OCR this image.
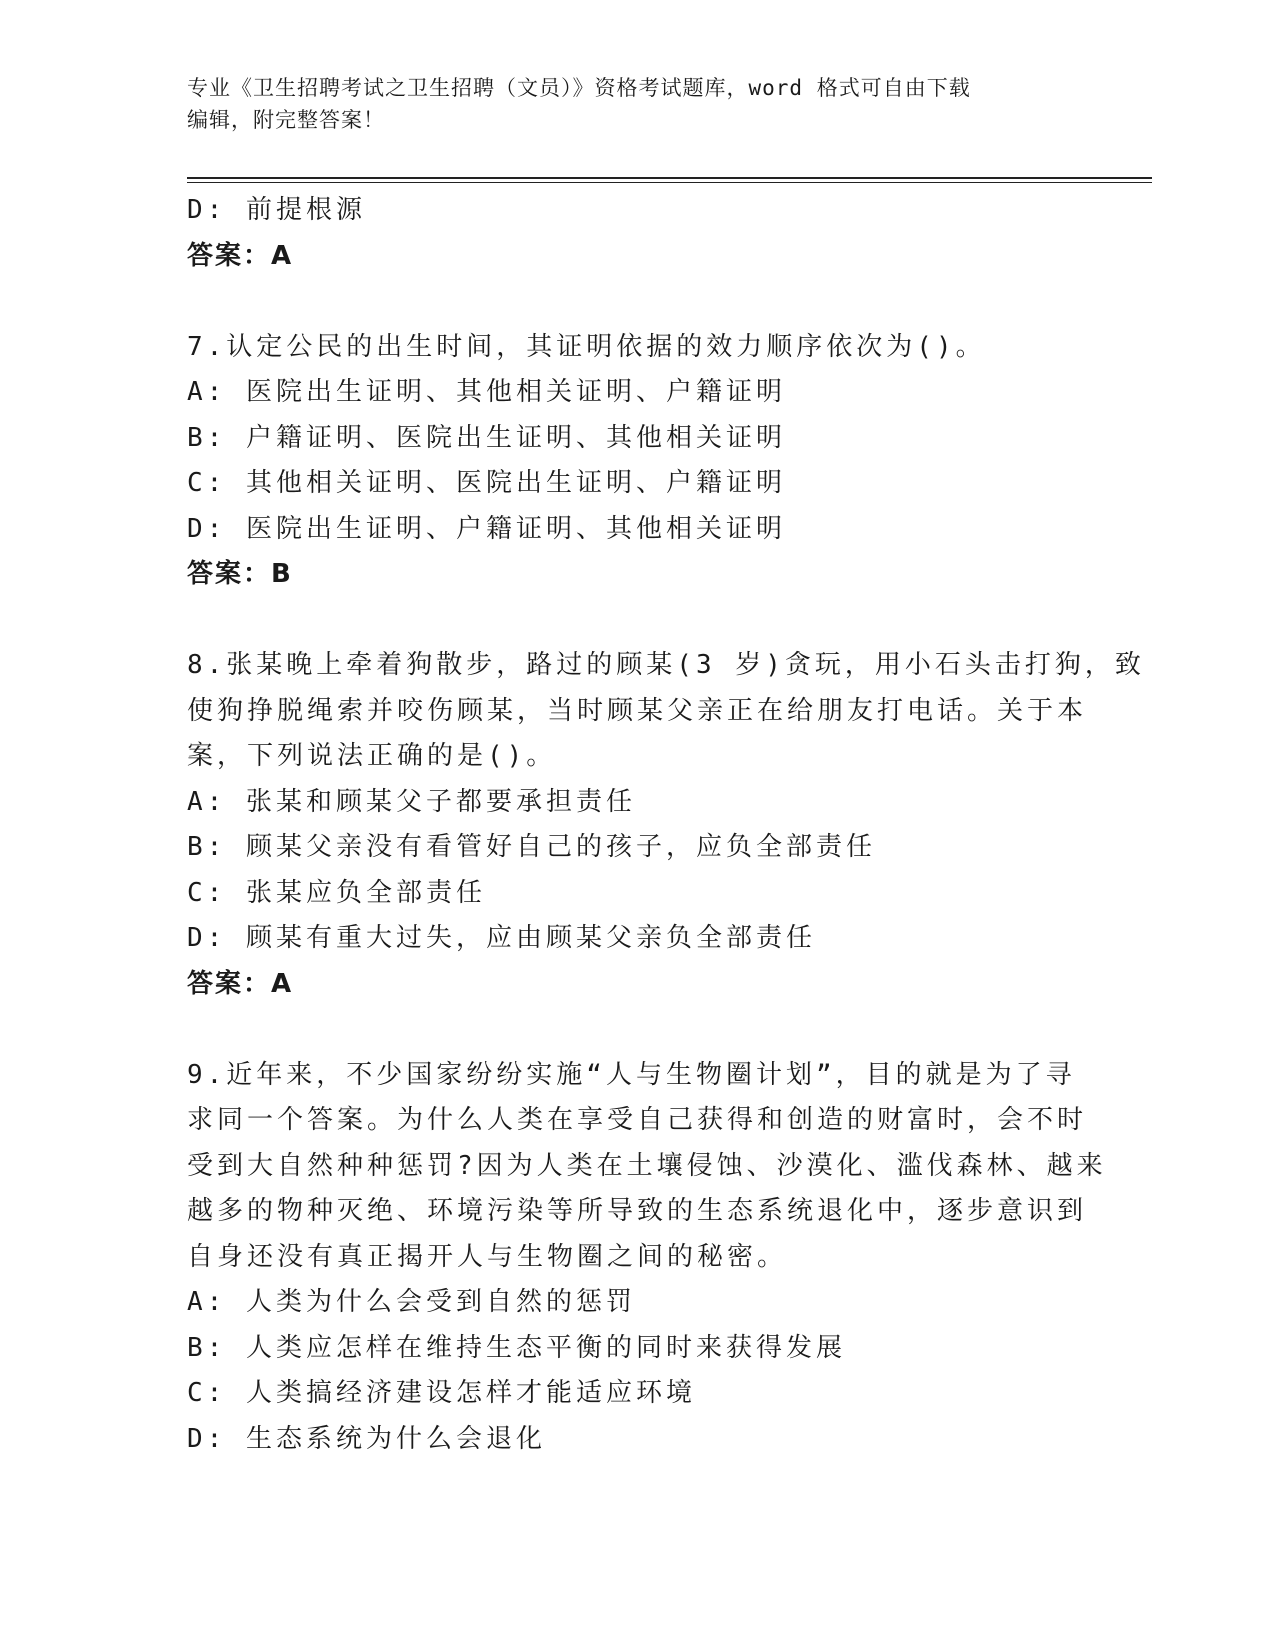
专业《卫生招聘考试之卫生招聘（文员）》资格考试题库，word 格式可自由下载
编辑，附完整答案！
D: 前提根源
答案：A
7.认定公民的出生时间，其证明依据的效力顺序依次为()。
A: 医院出生证明、其他相关证明、户籍证明
B: 户籍证明、医院出生证明、其他相关证明
C: 其他相关证明、医院出生证明、户籍证明
D: 医院出生证明、户籍证明、其他相关证明
答案：B
8.张某晚上牵着狗散步，路过的顾某(3 岁)贪玩，用小石头击打狗，致
使狗挣脱绳索并咬伤顾某，当时顾某父亲正在给朋友打电话。关于本
案，下列说法正确的是()。
A: 张某和顾某父子都要承担责任
B: 顾某父亲没有看管好自己的孩子，应负全部责任
C: 张某应负全部责任
D: 顾某有重大过失，应由顾某父亲负全部责任
答案：A
9.近年来，不少国家纷纷实施“人与生物圈计划”，目的就是为了寻
求同一个答案。为什么人类在享受自己获得和创造的财富时，会不时
受到大自然种种惩罚?因为人类在土壤侵蚀、沙漠化、滥伐森林、越来
越多的物种灭绝、环境污染等所导致的生态系统退化中，逐步意识到
自身还没有真正揭开人与生物圈之间的秘密。
A: 人类为什么会受到自然的惩罚
B: 人类应怎样在维持生态平衡的同时来获得发展
C: 人类搞经济建设怎样才能适应环境
D: 生态系统为什么会退化
